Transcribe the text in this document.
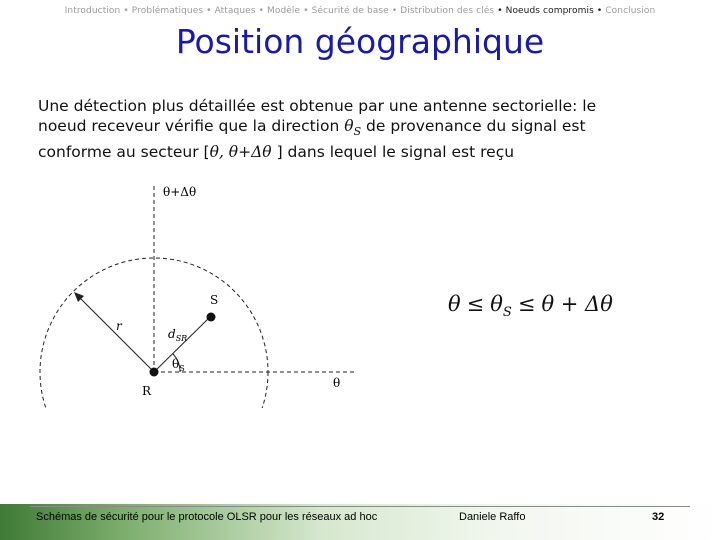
Introduction • Problématiques • Attaques • Modèle • Sécurité de base • Distribution des clés • Noeuds compromis • Conclusion
Position géographique
Une détection plus détaillée est obtenue par une antenne sectorielle: le
noeud receveur vérifie que la direction $\theta_S$ de provenance du signal est
conforme au secteur [θ, θ+Δθ ] dans lequel le signal est reçu
θ+Δθ
θ
S
R
r
$d_{SR}$
$\theta_S$
$\theta \le \theta_S \le \theta + \Delta\theta$
Schémas de sécurité pour le protocole OLSR pour les réseaux ad hoc	Daniele Raffo	32
